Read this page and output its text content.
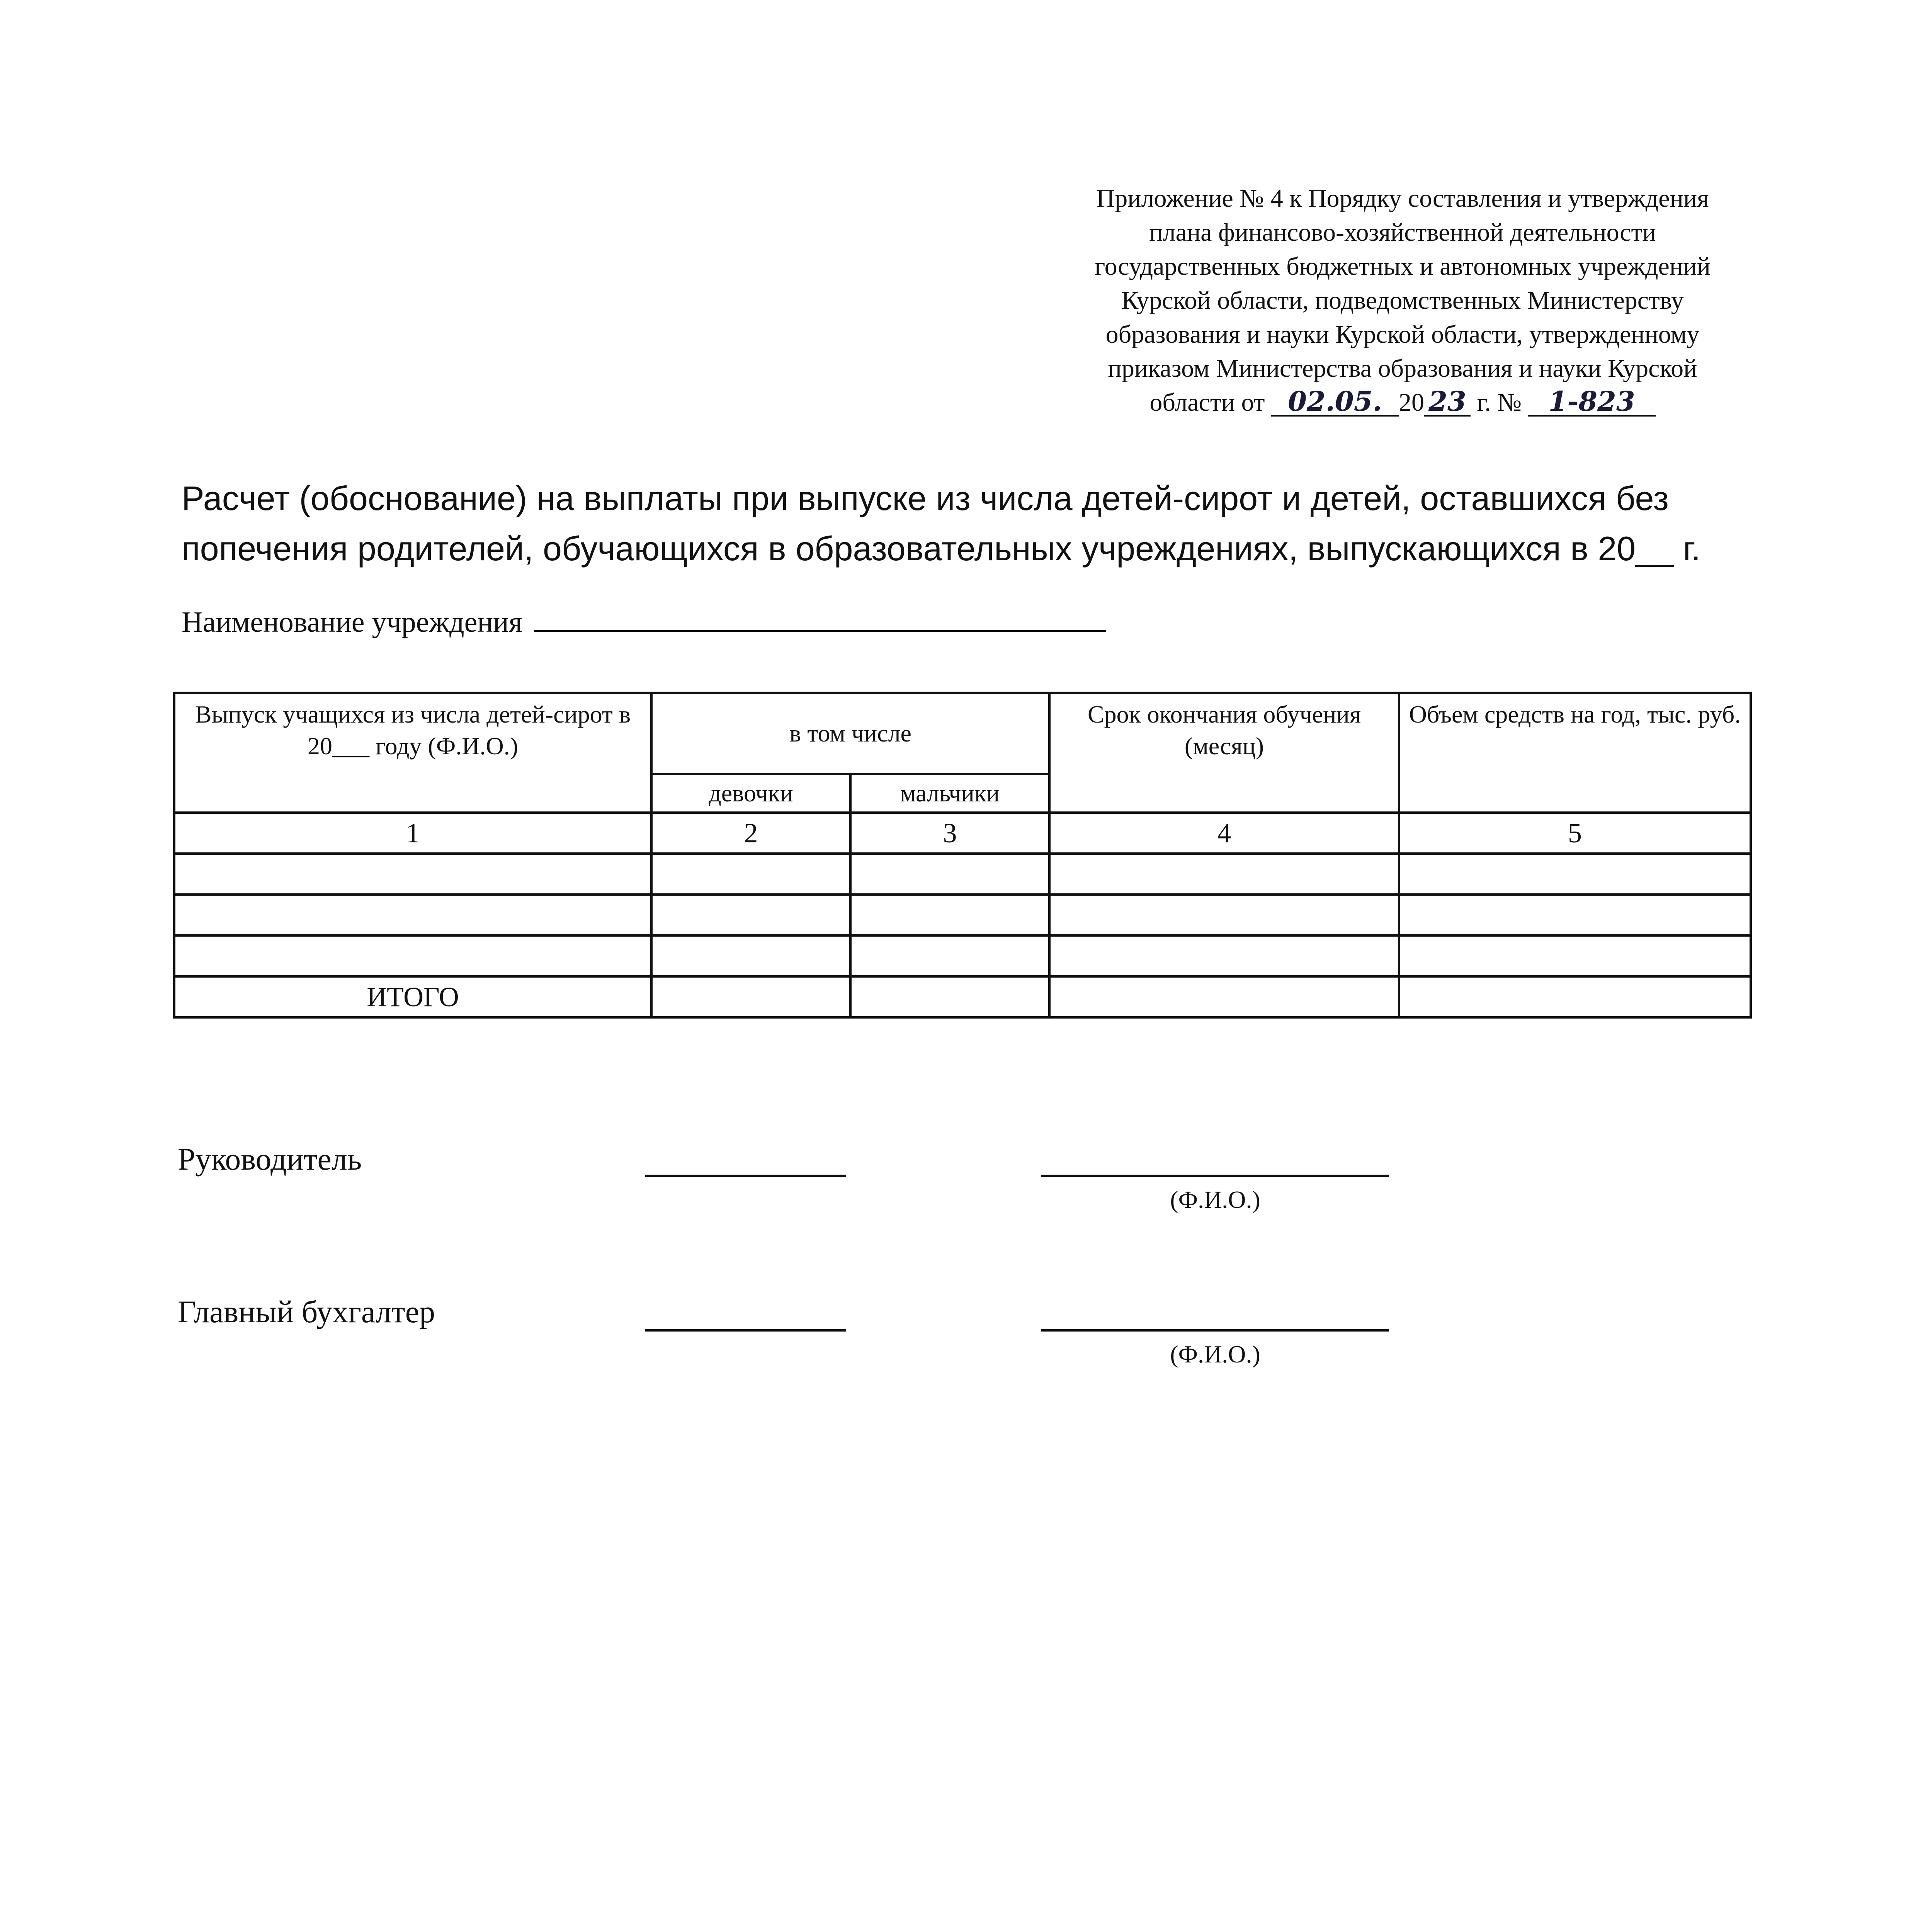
Приложение № 4 к Порядку составления и утверждения
плана финансово-хозяйственной деятельности
государственных бюджетных и автономных учреждений
Курской области, подведомственных Министерству
образования и науки Курской области, утвержденному
приказом Министерства образования и науки Курской
области от 02.05. 20 23 г. № 1-823
Расчет (обоснование) на выплаты при выпуске из числа детей-сирот и детей, оставшихся без попечения родителей, обучающихся в образовательных учреждениях, выпускающихся в 20__ г.
Наименование учреждения
Выпуск учащихся из числа детей-сирот в 20___ году (Ф.И.О.)	в том числе		Срок окончания обучения (месяц)	Объем средств на год, тыс. руб.
	девочки	мальчики		
1	2	3	4	5

ИТОГО				
Руководитель
(Ф.И.О.)
Главный бухгалтер
(Ф.И.О.)
